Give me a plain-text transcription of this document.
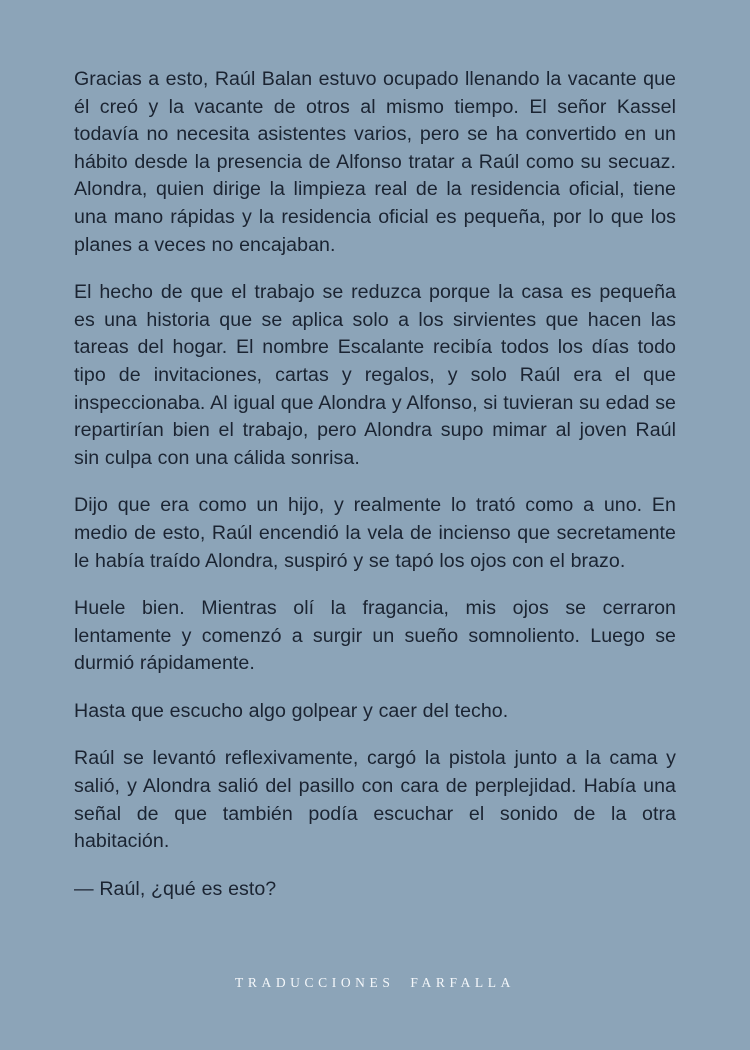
Gracias a esto, Raúl Balan estuvo ocupado llenando la vacante que él creó y la vacante de otros al mismo tiempo. El señor Kassel todavía no necesita asistentes varios, pero se ha convertido en un hábito desde la presencia de Alfonso tratar a Raúl como su secuaz. Alondra, quien dirige la limpieza real de la residencia oficial, tiene una mano rápidas y la residencia oficial es pequeña, por lo que los planes a veces no encajaban.

El hecho de que el trabajo se reduzca porque la casa es pequeña es una historia que se aplica solo a los sirvientes que hacen las tareas del hogar. El nombre Escalante recibía todos los días todo tipo de invitaciones, cartas y regalos, y solo Raúl era el que inspeccionaba. Al igual que Alondra y Alfonso, si tuvieran su edad se repartirían bien el trabajo, pero Alondra supo mimar al joven Raúl sin culpa con una cálida sonrisa.

Dijo que era como un hijo, y realmente lo trató como a uno. En medio de esto, Raúl encendió la vela de incienso que secretamente le había traído Alondra, suspiró y se tapó los ojos con el brazo.

Huele bien. Mientras olí la fragancia, mis ojos se cerraron lentamente y comenzó a surgir un sueño somnoliento. Luego se durmió rápidamente.

Hasta que escucho algo golpear y caer del techo.

Raúl se levantó reflexivamente, cargó la pistola junto a la cama y salió, y Alondra salió del pasillo con cara de perplejidad. Había una señal de que también podía escuchar el sonido de la otra habitación.

— Raúl, ¿qué es esto?

TRADUCCIONES  FARFALLA
